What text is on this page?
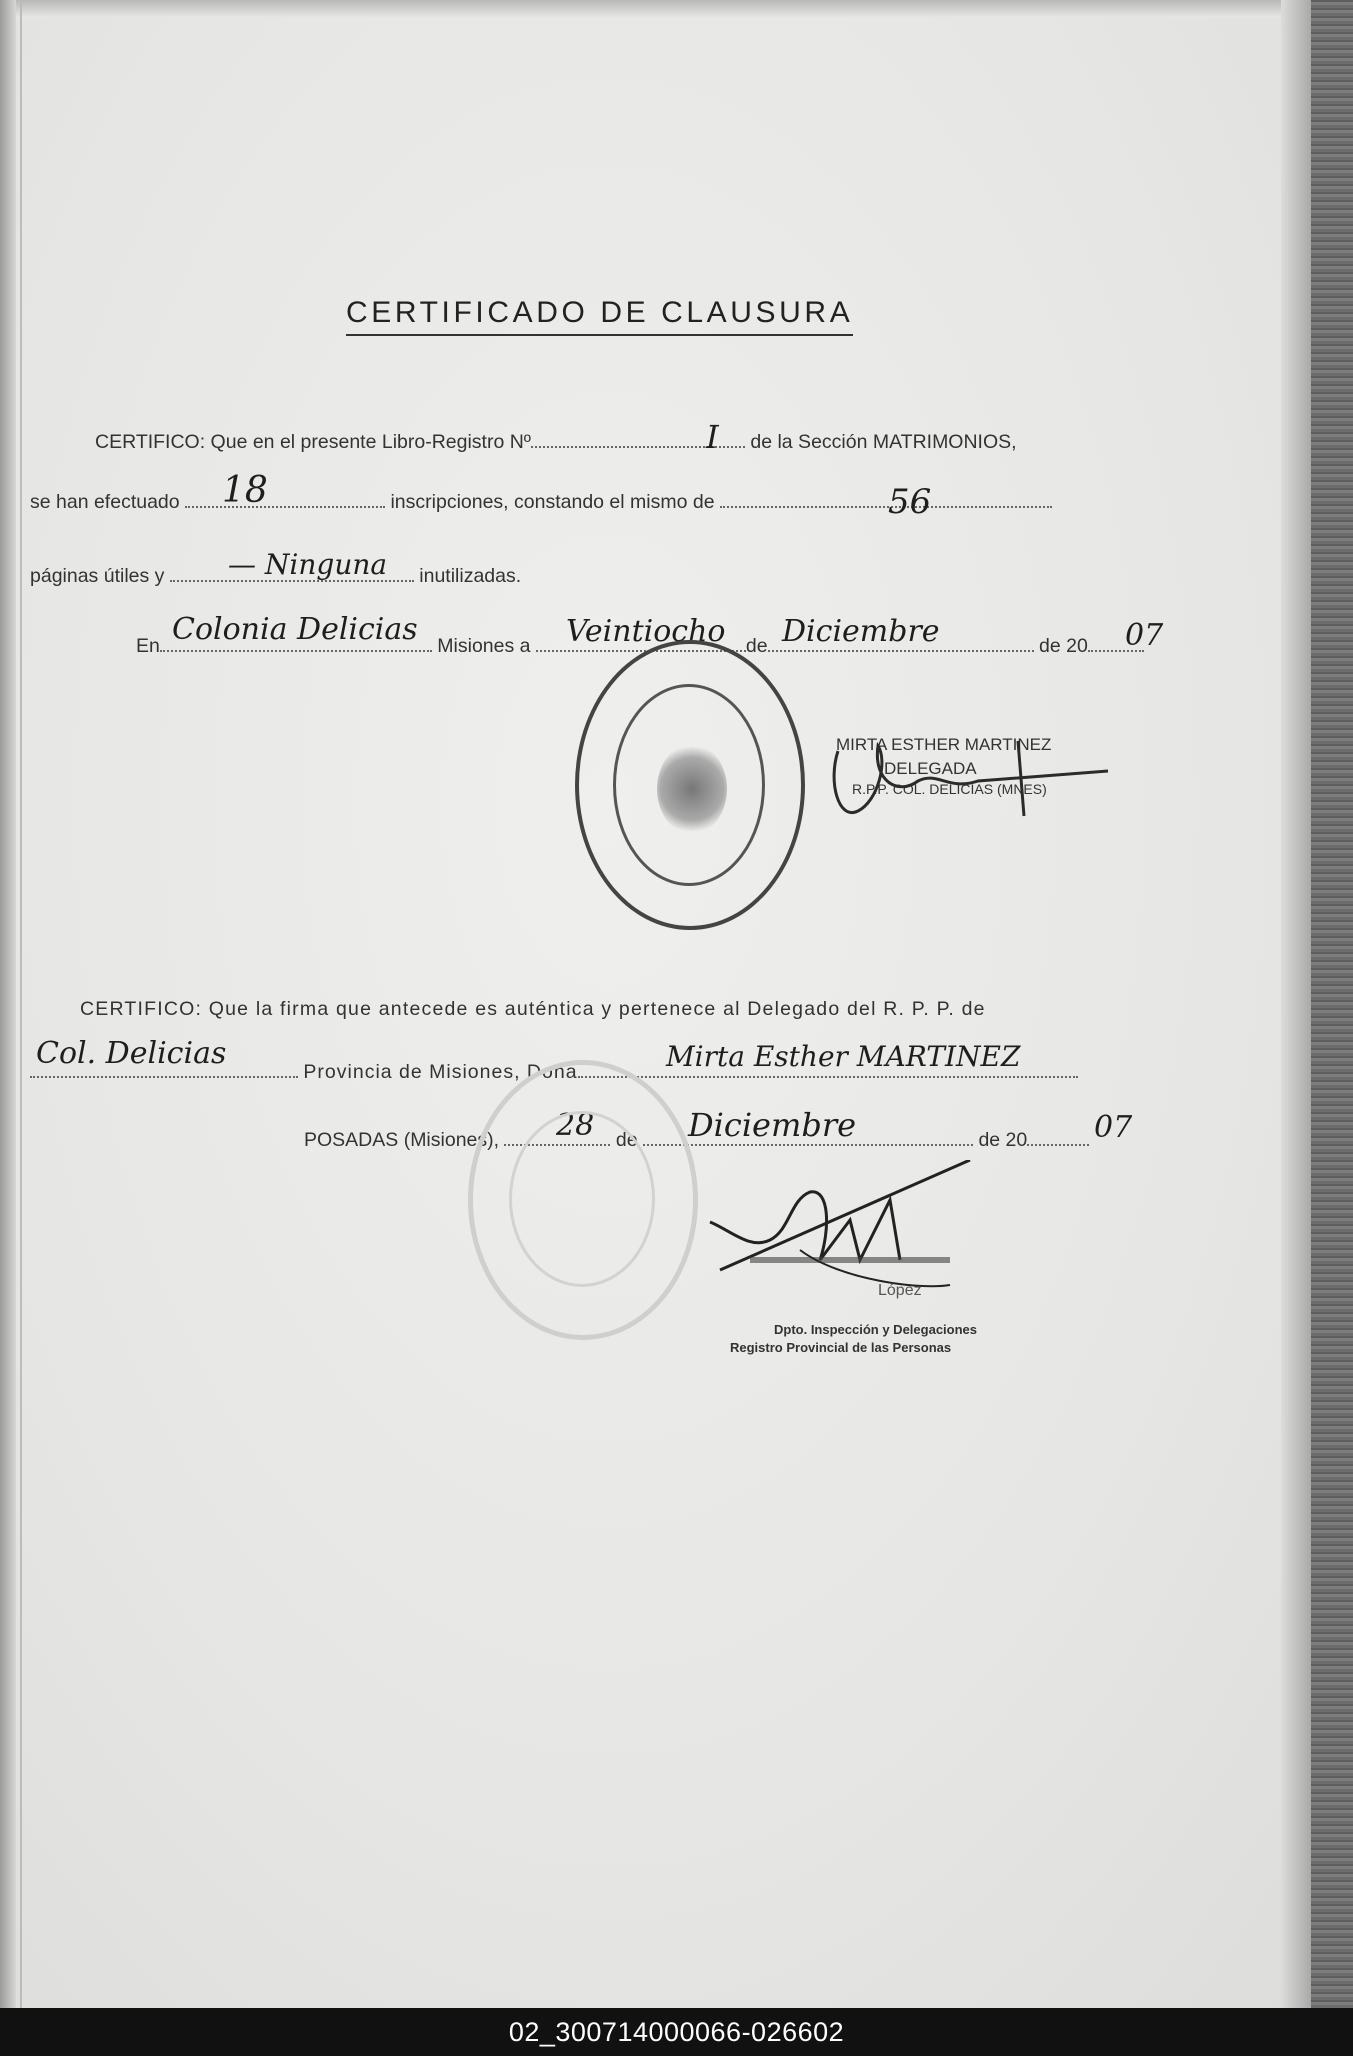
CERTIFICADO DE CLAUSURA
CERTIFICO: Que en el presente Libro-Registro Nº	de la Sección MATRIMONIOS,
I
se han efectuado	inscripciones, constando el mismo de
18	56
páginas útiles y	inutilizadas.
— Ninguna
En	Misiones a	de	de 20
Colonia Delicias	Veintiocho Diciembre	07
MIRTA ESTHER MARTINEZ
DELEGADA
R.P.P. COL. DELICIAS (MNES)
CERTIFICO: Que la firma que antecede es auténtica y pertenece al Delegado del R. P. P. de
Provincia de Misiones, Doña
Col. Delicias	Mirta Esther MARTINEZ
POSADAS (Misiones),	de	de 20
28	Diciembre	07
López
Dpto. Inspección y Delegaciones
Registro Provincial de las Personas
02_300714000066-026602
